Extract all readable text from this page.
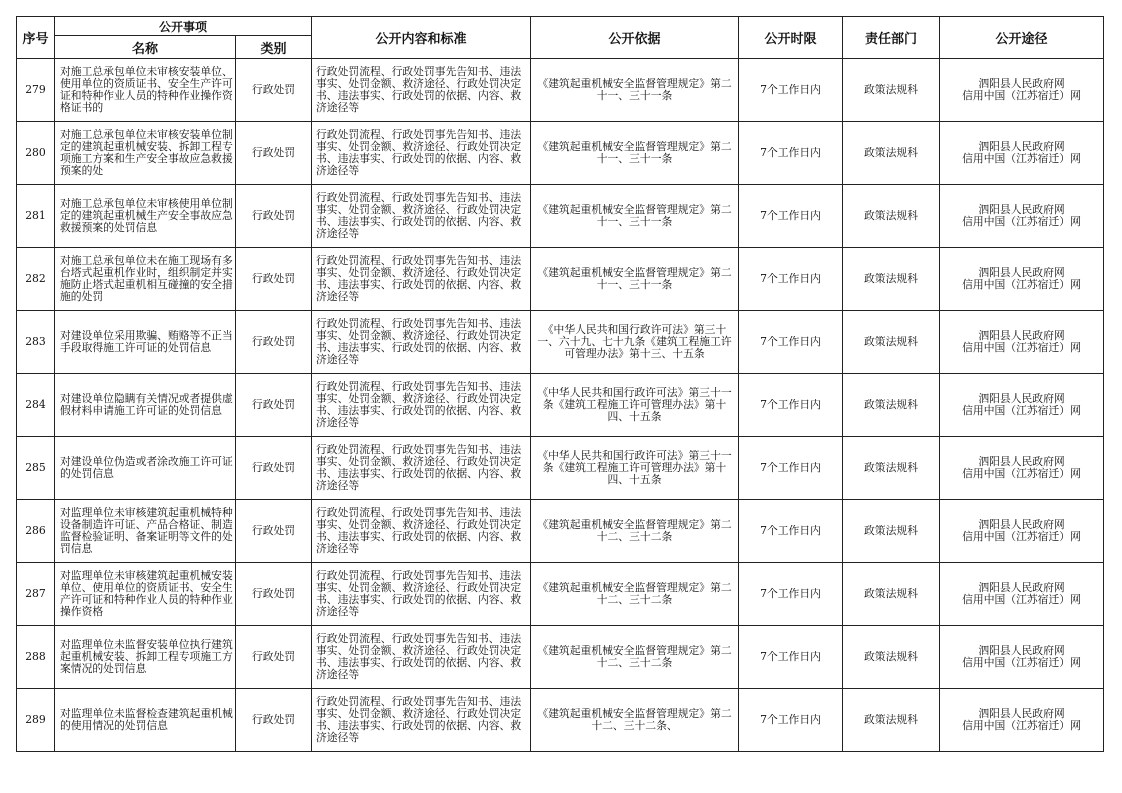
序号	公开事项		公开内容和标准	公开依据	公开时限	责任部门	公开途径
	名称	类别					

279	对施工总承包单位未审核安装单位、使用单位的资质证书、安全生产许可证和特种作业人员的特种作业操作资格证书的	行政处罚	行政处罚流程、行政处罚事先告知书、违法事实、处罚金额、救济途径、行政处罚决定书、违法事实、行政处罚的依据、内容、救济途径等	《建筑起重机械安全监督管理规定》第二十一、三十一条	7个工作日内	政策法规科	泗阳县人民政府网
信用中国（江苏宿迁）网

280	对施工总承包单位未审核安装单位制定的建筑起重机械安装、拆卸工程专项施工方案和生产安全事故应急救援预案的处	行政处罚	行政处罚流程、行政处罚事先告知书、违法事实、处罚金额、救济途径、行政处罚决定书、违法事实、行政处罚的依据、内容、救济途径等	《建筑起重机械安全监督管理规定》第二十一、三十一条	7个工作日内	政策法规科	泗阳县人民政府网
信用中国（江苏宿迁）网

281	对施工总承包单位未审核使用单位制定的建筑起重机械生产安全事故应急救援预案的处罚信息	行政处罚	行政处罚流程、行政处罚事先告知书、违法事实、处罚金额、救济途径、行政处罚决定书、违法事实、行政处罚的依据、内容、救济途径等	《建筑起重机械安全监督管理规定》第二十一、三十一条	7个工作日内	政策法规科	泗阳县人民政府网
信用中国（江苏宿迁）网

282	对施工总承包单位未在施工现场有多台塔式起重机作业时，组织制定并实施防止塔式起重机相互碰撞的安全措施的处罚	行政处罚	行政处罚流程、行政处罚事先告知书、违法事实、处罚金额、救济途径、行政处罚决定书、违法事实、行政处罚的依据、内容、救济途径等	《建筑起重机械安全监督管理规定》第二十一、三十一条	7个工作日内	政策法规科	泗阳县人民政府网
信用中国（江苏宿迁）网

283	对建设单位采用欺骗、贿赂等不正当手段取得施工许可证的处罚信息	行政处罚	行政处罚流程、行政处罚事先告知书、违法事实、处罚金额、救济途径、行政处罚决定书、违法事实、行政处罚的依据、内容、救济途径等	《中华人民共和国行政许可法》第三十一、六十九、七十九条《建筑工程施工许可管理办法》第十三、十五条	7个工作日内	政策法规科	泗阳县人民政府网
信用中国（江苏宿迁）网

284	对建设单位隐瞒有关情况或者提供虚假材料申请施工许可证的处罚信息	行政处罚	行政处罚流程、行政处罚事先告知书、违法事实、处罚金额、救济途径、行政处罚决定书、违法事实、行政处罚的依据、内容、救济途径等	《中华人民共和国行政许可法》第三十一条《建筑工程施工许可管理办法》第十四、十五条	7个工作日内	政策法规科	泗阳县人民政府网
信用中国（江苏宿迁）网

285	对建设单位伪造或者涂改施工许可证的处罚信息	行政处罚	行政处罚流程、行政处罚事先告知书、违法事实、处罚金额、救济途径、行政处罚决定书、违法事实、行政处罚的依据、内容、救济途径等	《中华人民共和国行政许可法》第三十一条《建筑工程施工许可管理办法》第十四、十五条	7个工作日内	政策法规科	泗阳县人民政府网
信用中国（江苏宿迁）网

286	对监理单位未审核建筑起重机械特种设备制造许可证、产品合格证、制造监督检验证明、备案证明等文件的处罚信息	行政处罚	行政处罚流程、行政处罚事先告知书、违法事实、处罚金额、救济途径、行政处罚决定书、违法事实、行政处罚的依据、内容、救济途径等	《建筑起重机械安全监督管理规定》第二十二、三十二条	7个工作日内	政策法规科	泗阳县人民政府网
信用中国（江苏宿迁）网

287	对监理单位未审核建筑起重机械安装单位、使用单位的资质证书、安全生产许可证和特种作业人员的特种作业操作资格	行政处罚	行政处罚流程、行政处罚事先告知书、违法事实、处罚金额、救济途径、行政处罚决定书、违法事实、行政处罚的依据、内容、救济途径等	《建筑起重机械安全监督管理规定》第二十二、三十二条	7个工作日内	政策法规科	泗阳县人民政府网
信用中国（江苏宿迁）网

288	对监理单位未监督安装单位执行建筑起重机械安装、拆卸工程专项施工方案情况的处罚信息	行政处罚	行政处罚流程、行政处罚事先告知书、违法事实、处罚金额、救济途径、行政处罚决定书、违法事实、行政处罚的依据、内容、救济途径等	《建筑起重机械安全监督管理规定》第二十二、三十二条	7个工作日内	政策法规科	泗阳县人民政府网
信用中国（江苏宿迁）网

289	对监理单位未监督检查建筑起重机械的使用情况的处罚信息	行政处罚	行政处罚流程、行政处罚事先告知书、违法事实、处罚金额、救济途径、行政处罚决定书、违法事实、行政处罚的依据、内容、救济途径等	《建筑起重机械安全监督管理规定》第二十二、三十二条、	7个工作日内	政策法规科	泗阳县人民政府网
信用中国（江苏宿迁）网
